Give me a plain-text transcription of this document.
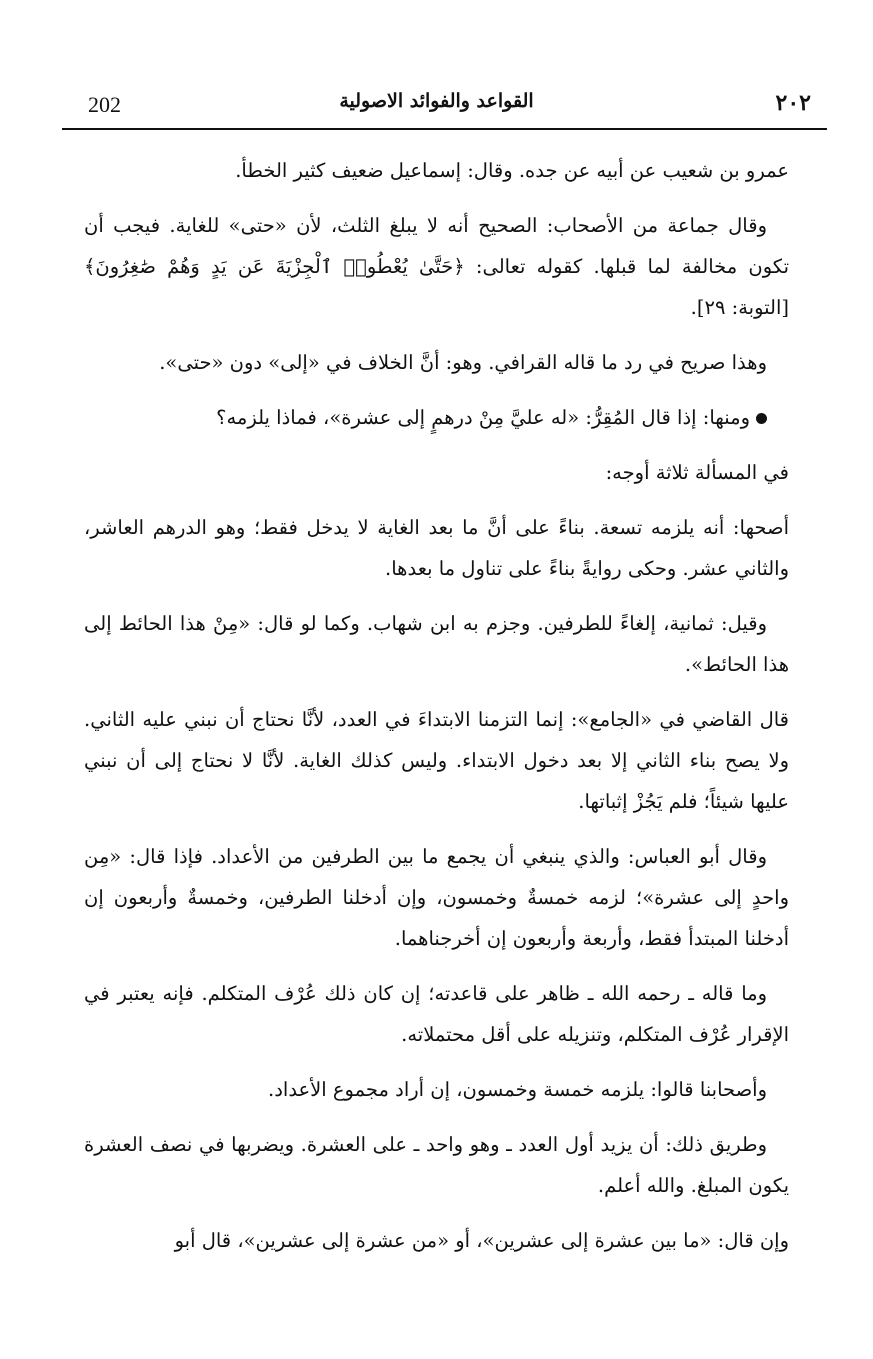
202	القواعد والفوائد الاصولية	٢٠٢

عمرو بن شعيب عن أبيه عن جده. وقال: إسماعيل ضعيف كثير الخطأ.

وقال جماعة من الأصحاب: الصحيح أنه لا يبلغ الثلث، لأن «حتى» للغاية. فيجب أن تكون مخالفة لما قبلها. كقوله تعالى: ﴿حَتَّىٰ يُعْطُوا۟ ٱلْجِزْيَةَ عَن يَدٍ وَهُمْ صَٰغِرُونَ﴾ [التوبة: ٢٩].

وهذا صريح في رد ما قاله القرافي. وهو: أنَّ الخلاف في «إلى» دون «حتى».

ومنها: إذا قال المُقِرُّ: «له عليَّ مِنْ درهمٍ إلى عشرة»، فماذا يلزمه؟

في المسألة ثلاثة أوجه:

أصحها: أنه يلزمه تسعة. بناءً على أنَّ ما بعد الغاية لا يدخل فقط؛ وهو الدرهم العاشر، والثاني عشر. وحكى روايةً بناءً على تناول ما بعدها.

وقيل: ثمانية، إلغاءً للطرفين. وجزم به ابن شهاب. وكما لو قال: «مِنْ هذا الحائط إلى هذا الحائط».

قال القاضي في «الجامع»: إنما التزمنا الابتداءَ في العدد، لأنَّا نحتاج أن نبني عليه الثاني. ولا يصح بناء الثاني إلا بعد دخول الابتداء. وليس كذلك الغاية. لأنَّا لا نحتاج إلى أن نبني عليها شيئاً؛ فلم يَجُزْ إثباتها.

وقال أبو العباس: والذي ينبغي أن يجمع ما بين الطرفين من الأعداد. فإذا قال: «مِن واحدٍ إلى عشرة»؛ لزمه خمسةٌ وخمسون، وإن أدخلنا الطرفين، وخمسةٌ وأربعون إن أدخلنا المبتدأ فقط، وأربعة وأربعون إن أخرجناهما.

وما قاله ـ رحمه الله ـ ظاهر على قاعدته؛ إن كان ذلك عُرْف المتكلم. فإنه يعتبر في الإقرار عُرْف المتكلم، وتنزيله على أقل محتملاته.

وأصحابنا قالوا: يلزمه خمسة وخمسون، إن أراد مجموع الأعداد.

وطريق ذلك: أن يزيد أول العدد ـ وهو واحد ـ على العشرة. ويضربها في نصف العشرة يكون المبلغ. والله أعلم.

وإن قال: «ما بين عشرة إلى عشرين»، أو «من عشرة إلى عشرين»، قال أبو
